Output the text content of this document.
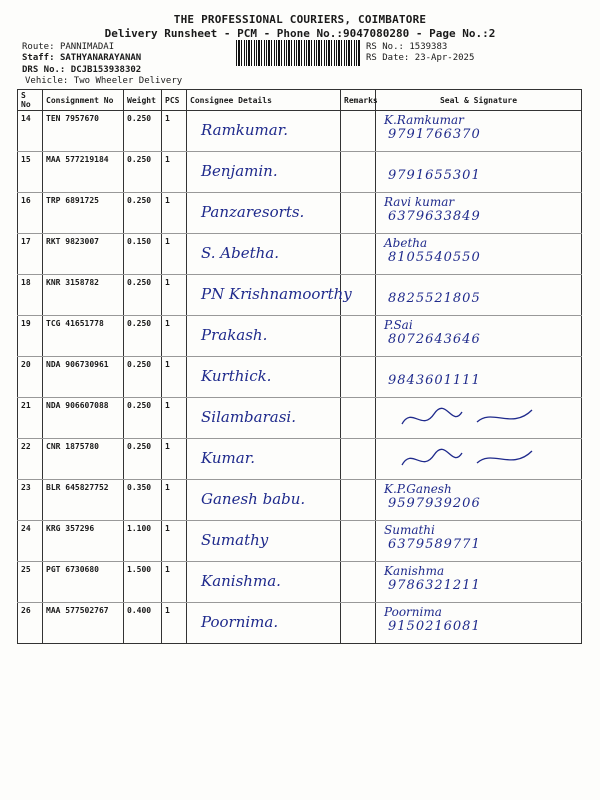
THE PROFESSIONAL COURIERS, COIMBATORE
Delivery Runsheet - PCM - Phone No.:9047080280 - Page No.:2
Route: PANNIMADAI
Staff: SATHYANARAYANAN
DRS No.: DCJB153938302
Vehicle: Two Wheeler Delivery
RS No.: 1539383
RS Date: 23-Apr-2025
S No	Consignment No	Weight	PCS	Consignee Details	Remarks	Seal & Signature
14	TEN 7957670	0.250	1	Ramkumar.		K.Ramkumar
9791766370

15	MAA 577219184	0.250	1	Benjamin.		9791655301

16	TRP 6891725	0.250	1	Panzaresorts.		Ravi kumar
6379633849

17	RKT 9823007	0.150	1	S. Abetha.		Abetha
8105540550

18	KNR 3158782	0.250	1	PN Krishnamoorthy		8825521805

19	TCG 41651778	0.250	1	Prakash.		P.Sai
8072643646

20	NDA 906730961	0.250	1	Kurthick.		9843601111

21	NDA 906607088	0.250	1	Silambarasi.

22	CNR 1875780	0.250	1	Kumar.

23	BLR 645827752	0.350	1	Ganesh babu.		K.P.Ganesh
9597939206

24	KRG 357296	1.100	1	Sumathy		Sumathi
6379589771

25	PGT 6730680	1.500	1	Kanishma.		Kanishma
9786321211

26	MAA 577502767	0.400	1	Poornima.		Poornima
9150216081
